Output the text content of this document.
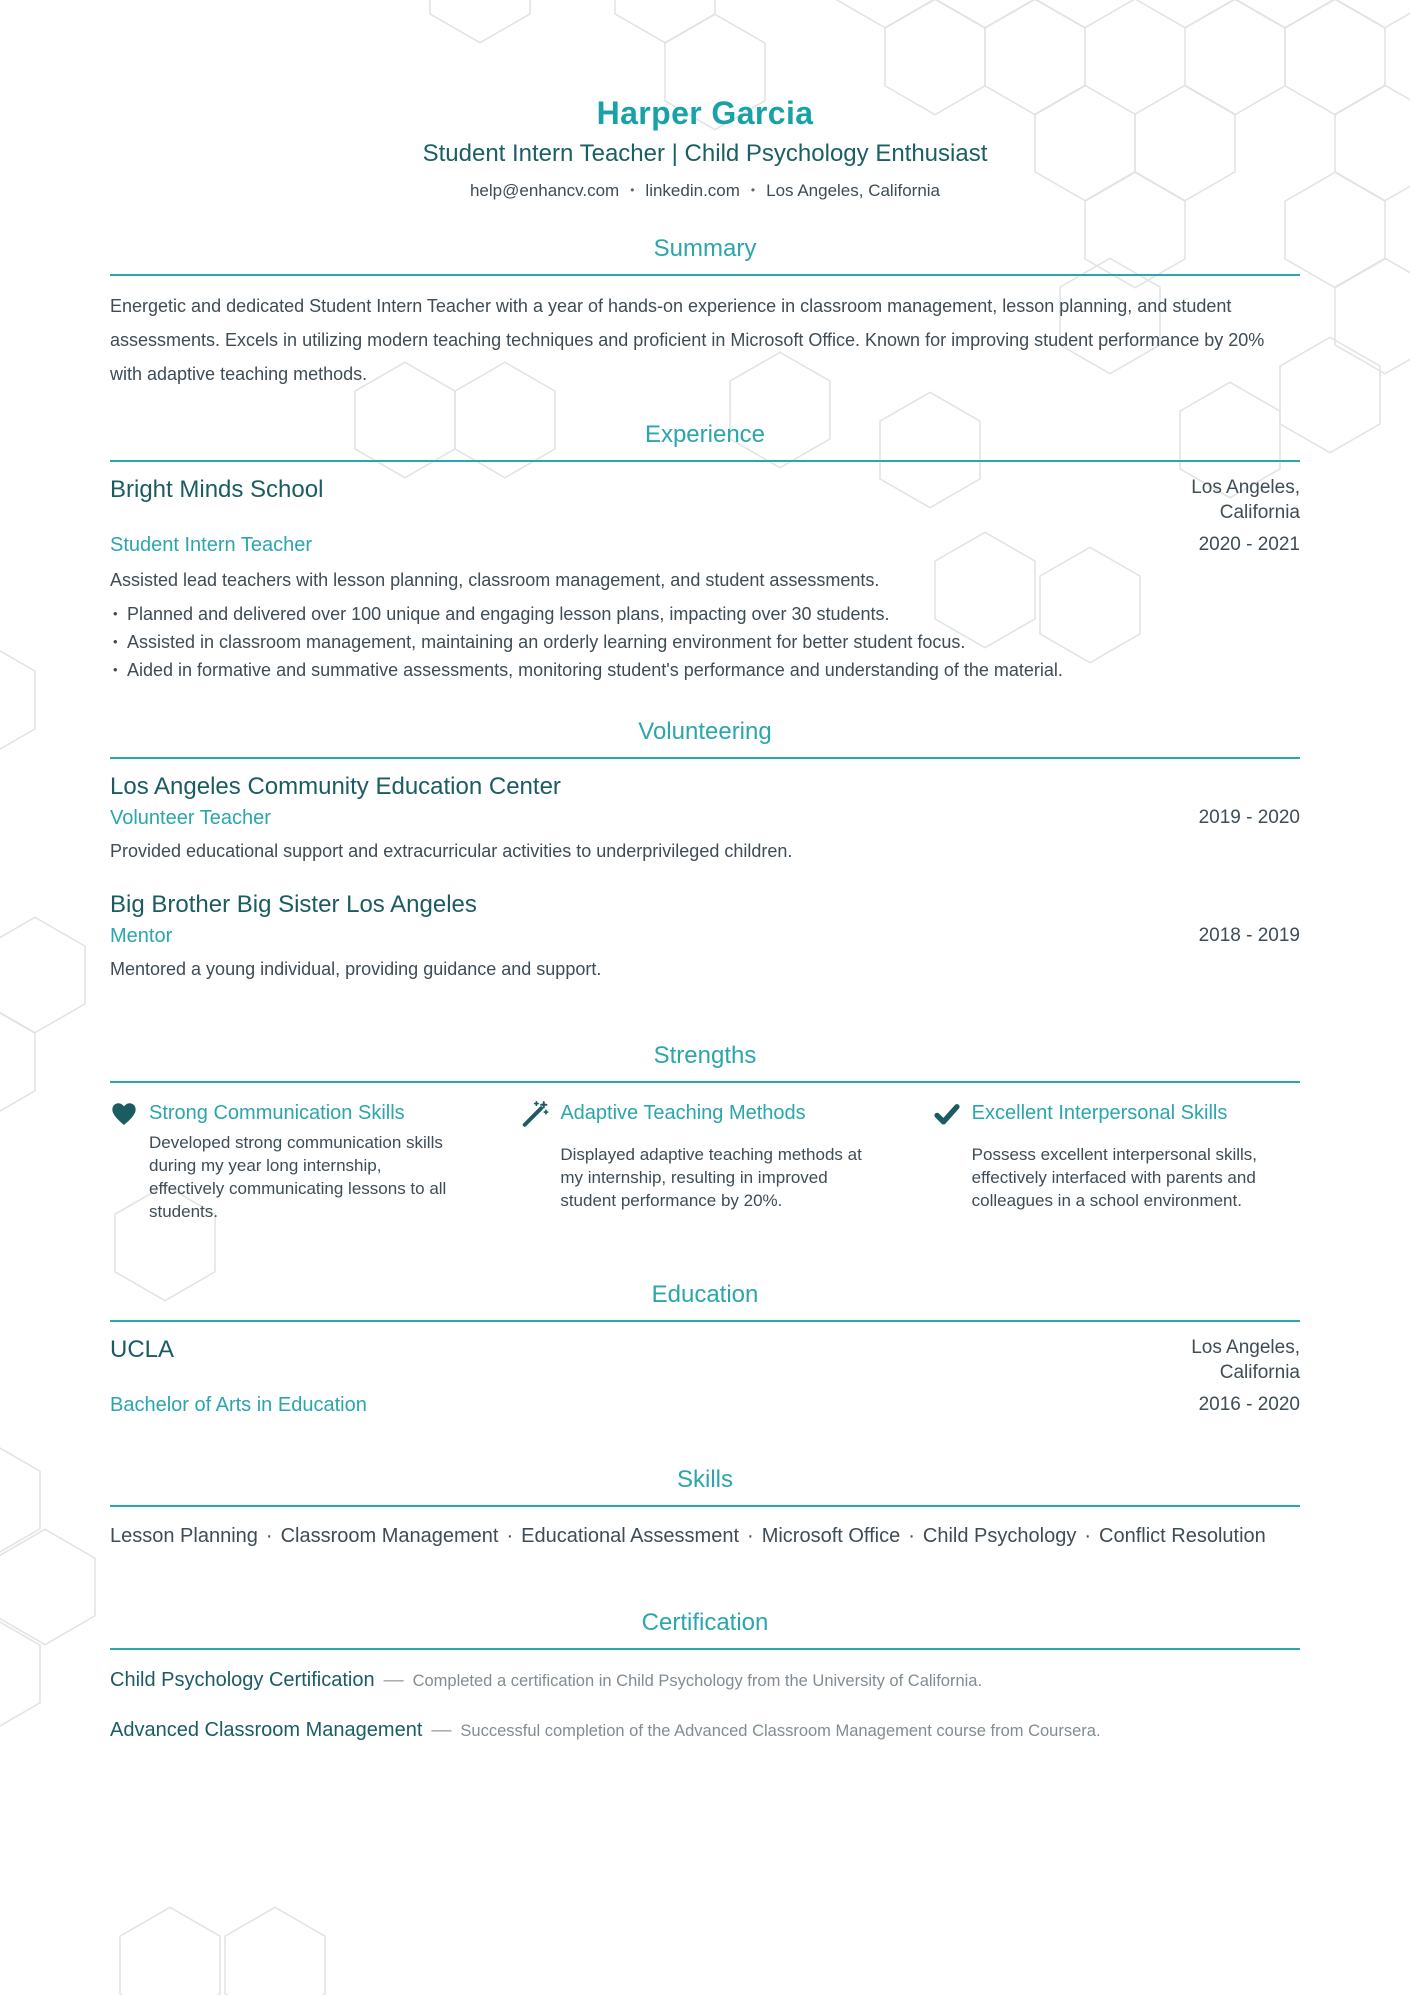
Harper Garcia
Student Intern Teacher | Child Psychology Enthusiast
help@enhancv.com • linkedin.com • Los Angeles, California
Summary
Energetic and dedicated Student Intern Teacher with a year of hands-on experience in classroom management, lesson planning, and student assessments. Excels in utilizing modern teaching techniques and proficient in Microsoft Office. Known for improving student performance by 20% with adaptive teaching methods.
Experience
Bright Minds School	Los Angeles, California
Student Intern Teacher	2020 - 2021
Assisted lead teachers with lesson planning, classroom management, and student assessments.
• Planned and delivered over 100 unique and engaging lesson plans, impacting over 30 students.
• Assisted in classroom management, maintaining an orderly learning environment for better student focus.
• Aided in formative and summative assessments, monitoring student's performance and understanding of the material.
Volunteering
Los Angeles Community Education Center
Volunteer Teacher	2019 - 2020
Provided educational support and extracurricular activities to underprivileged children.
Big Brother Big Sister Los Angeles
Mentor	2018 - 2019
Mentored a young individual, providing guidance and support.
Strengths
Strong Communication Skills
Developed strong communication skills during my year long internship, effectively communicating lessons to all students.
Adaptive Teaching Methods
Displayed adaptive teaching methods at my internship, resulting in improved student performance by 20%.
Excellent Interpersonal Skills
Possess excellent interpersonal skills, effectively interfaced with parents and colleagues in a school environment.
Education
UCLA	Los Angeles, California
Bachelor of Arts in Education	2016 - 2020
Skills
Lesson Planning · Classroom Management · Educational Assessment · Microsoft Office · Child Psychology · Conflict Resolution
Certification
Child Psychology Certification — Completed a certification in Child Psychology from the University of California.
Advanced Classroom Management — Successful completion of the Advanced Classroom Management course from Coursera.
